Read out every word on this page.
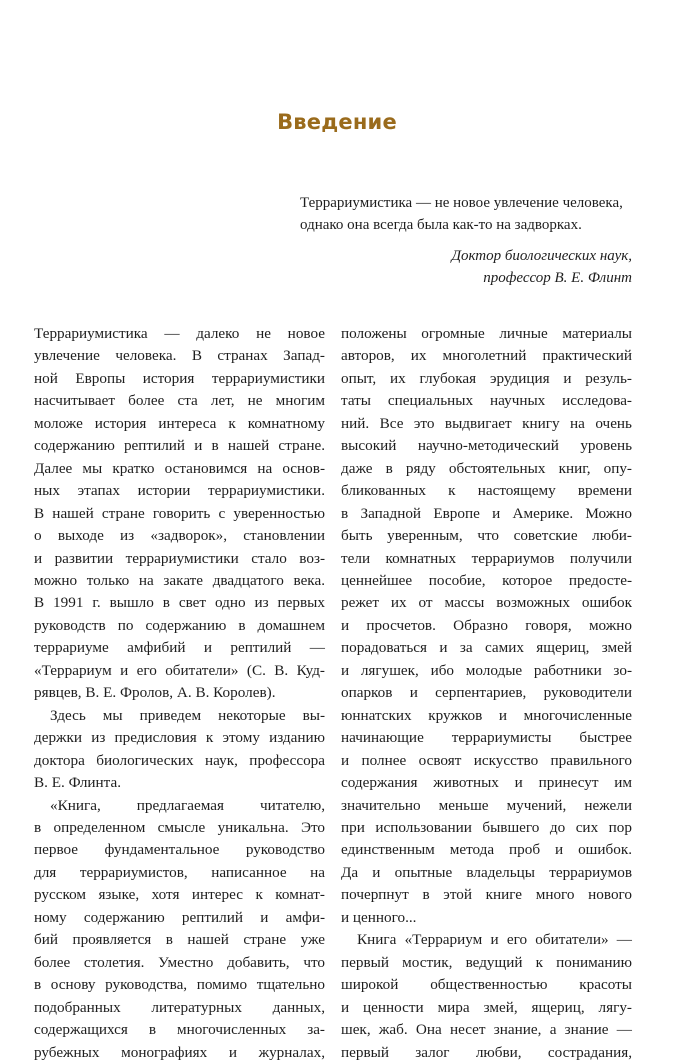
Введение
Террариумистика — не новое увлечение человека,
однако она всегда была как-то на задворках.
Доктор биологических наук,
профессор В. Е. Флинт
Террариумистика — далеко не новое
увлечение человека. В странах Запад-
ной Европы история террариумистики
насчитывает более ста лет, не многим
моложе история интереса к комнатному
содержанию рептилий и в нашей стране.
Далее мы кратко остановимся на основ-
ных этапах истории террариумистики.
В нашей стране говорить с уверенностью
о выходе из «задворок», становлении
и развитии террариумистики стало воз-
можно только на закате двадцатого века.
В 1991 г. вышло в свет одно из первых
руководств по содержанию в домашнем
террариуме амфибий и рептилий —
«Террариум и его обитатели» (С. В. Куд-
рявцев, В. Е. Фролов, А. В. Королев).
Здесь мы приведем некоторые вы-
держки из предисловия к этому изданию
доктора биологических наук, профессора
В. Е. Флинта.
«Книга, предлагаемая читателю,
в определенном смысле уникальна. Это
первое фундаментальное руководство
для террариумистов, написанное на
русском языке, хотя интерес к комнат-
ному содержанию рептилий и амфи-
бий проявляется в нашей стране уже
более столетия. Уместно добавить, что
в основу руководства, помимо тщательно
подобранных литературных данных,
содержащихся в многочисленных за-
рубежных монографиях и журналах,
положены огромные личные материалы
авторов, их многолетний практический
опыт, их глубокая эрудиция и резуль-
таты специальных научных исследова-
ний. Все это выдвигает книгу на очень
высокий научно-методический уровень
даже в ряду обстоятельных книг, опу-
бликованных к настоящему времени
в Западной Европе и Америке. Можно
быть уверенным, что советские люби-
тели комнатных террариумов получили
ценнейшее пособие, которое предосте-
режет их от массы возможных ошибок
и просчетов. Образно говоря, можно
порадоваться и за самих ящериц, змей
и лягушек, ибо молодые работники зо-
опарков и серпентариев, руководители
юннатских кружков и многочисленные
начинающие террариумисты быстрее
и полнее освоят искусство правильного
содержания животных и принесут им
значительно меньше мучений, нежели
при использовании бывшего до сих пор
единственным метода проб и ошибок.
Да и опытные владельцы террариумов
почерпнут в этой книге много нового
и ценного...
Книга «Террариум и его обитатели» —
первый мостик, ведущий к пониманию
широкой общественностью красоты
и ценности мира змей, ящериц, лягу-
шек, жаб. Она несет знание, а знание —
первый залог любви, сострадания,
